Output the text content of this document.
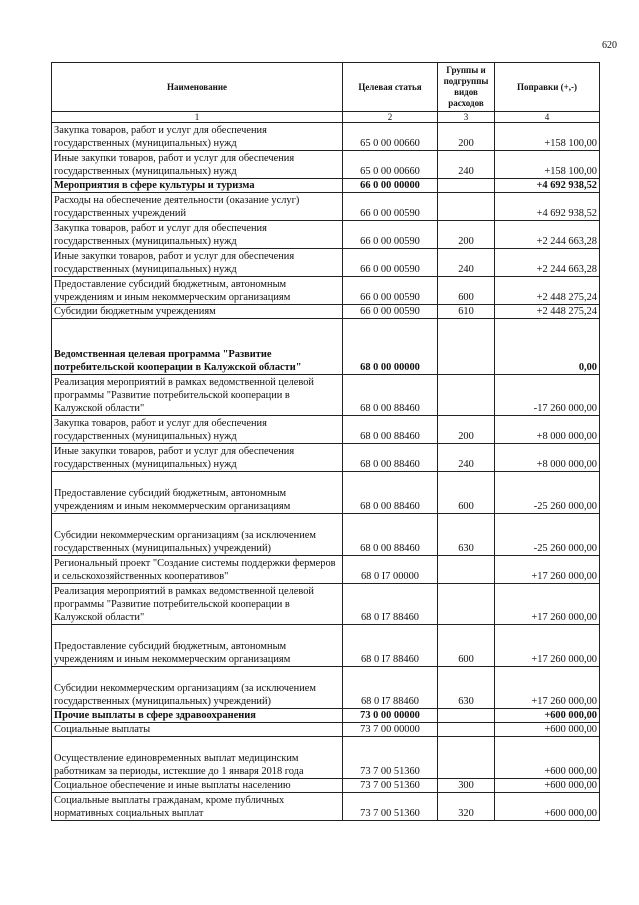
620
Наименование	Целевая статья	Группы и подгруппы видов расходов	Поправки (+,-)
1	2	3	4
Закупка товаров, работ и услуг для обеспечения государственных (муниципальных) нужд	65 0 00 00660	200	+158 100,00
Иные закупки товаров, работ и услуг для обеспечения государственных (муниципальных) нужд	65 0 00 00660	240	+158 100,00
Мероприятия в сфере культуры и туризма	66 0 00 00000		+4 692 938,52
Расходы на обеспечение деятельности (оказание услуг) государственных учреждений	66 0 00 00590		+4 692 938,52
Закупка товаров, работ и услуг для обеспечения государственных (муниципальных) нужд	66 0 00 00590	200	+2 244 663,28
Иные закупки товаров, работ и услуг для обеспечения государственных (муниципальных) нужд	66 0 00 00590	240	+2 244 663,28
Предоставление субсидий бюджетным, автономным учреждениям и иным некоммерческим организациям	66 0 00 00590	600	+2 448 275,24
Субсидии бюджетным учреждениям	66 0 00 00590	610	+2 448 275,24
Ведомственная целевая программа "Развитие потребительской кооперации в Калужской области"	68 0 00 00000		0,00
Реализация мероприятий в рамках ведомственной целевой программы "Развитие потребительской кооперации в Калужской области"	68 0 00 88460		-17 260 000,00
Закупка товаров, работ и услуг для обеспечения государственных (муниципальных) нужд	68 0 00 88460	200	+8 000 000,00
Иные закупки товаров, работ и услуг для обеспечения государственных (муниципальных) нужд	68 0 00 88460	240	+8 000 000,00
Предоставление субсидий бюджетным, автономным учреждениям и иным некоммерческим организациям	68 0 00 88460	600	-25 260 000,00
Субсидии некоммерческим организациям (за исключением государственных (муниципальных) учреждений)	68 0 00 88460	630	-25 260 000,00
Региональный проект "Создание системы поддержки фермеров и сельскохозяйственных кооперативов"	68 0 I7 00000		+17 260 000,00
Реализация мероприятий в рамках ведомственной целевой программы "Развитие потребительской кооперации в Калужской области"	68 0 I7 88460		+17 260 000,00
Предоставление субсидий бюджетным, автономным учреждениям и иным некоммерческим организациям	68 0 I7 88460	600	+17 260 000,00
Субсидии некоммерческим организациям (за исключением государственных (муниципальных) учреждений)	68 0 I7 88460	630	+17 260 000,00
Прочие выплаты в сфере здравоохранения	73 0 00 00000		+600 000,00
Социальные выплаты	73 7 00 00000		+600 000,00
Осуществление единовременных выплат медицинским работникам за периоды, истекшие до 1 января 2018 года	73 7 00 51360		+600 000,00
Социальное обеспечение и иные выплаты населению	73 7 00 51360	300	+600 000,00
Социальные выплаты гражданам, кроме публичных нормативных социальных выплат	73 7 00 51360	320	+600 000,00
